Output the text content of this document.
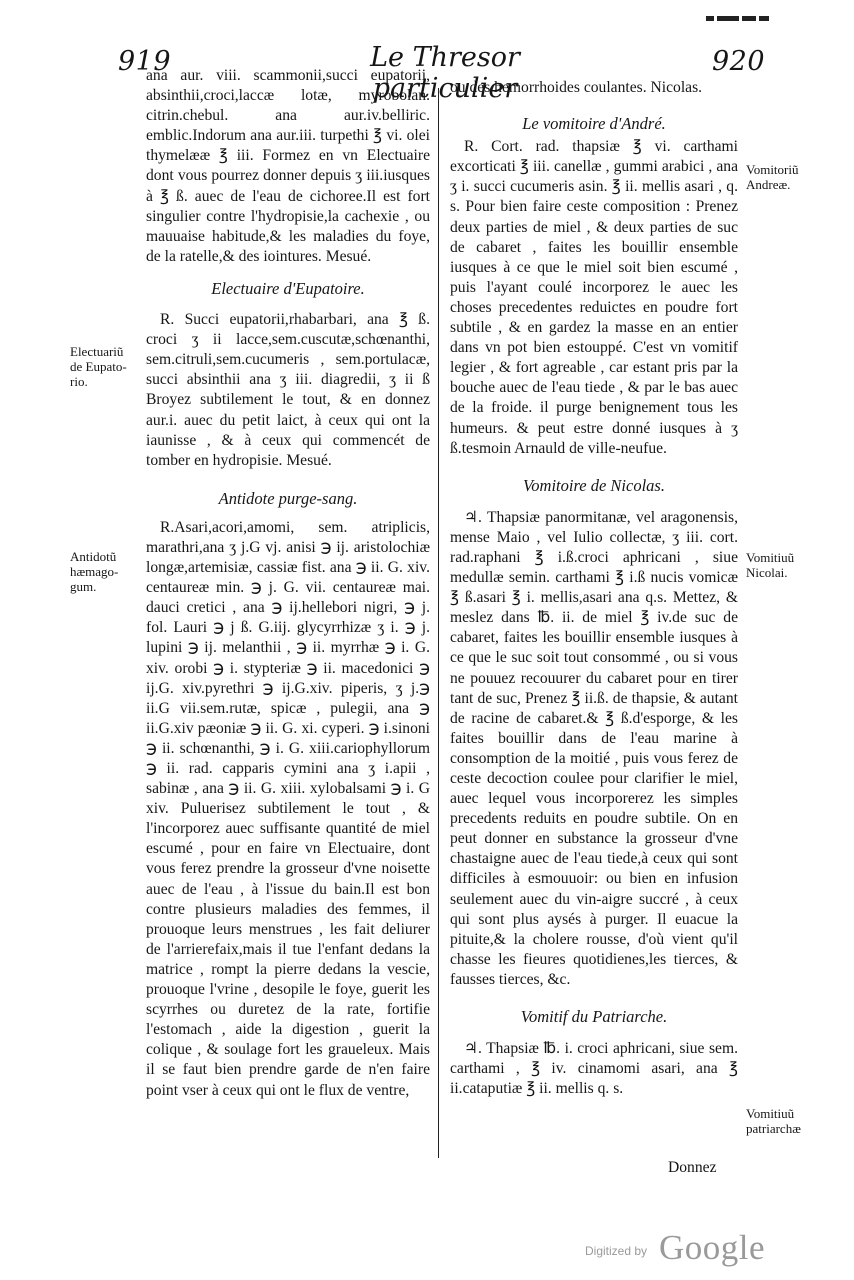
919	Le Thresor particulier
920

ana aur. viii. scammonii,succi eupatorii, absinthii,croci,laccæ lotæ, myrobolan. citrin.chebul. ana aur.iv.belliric. emblic.Indorum ana aur.iii. turpethi ℥ vi. olei thymelææ ℥ iii. Formez en vn Electuaire dont vous pourrez donner depuis ʒ iii.iusques à ℥ ß. auec de l'eau de cichoree.Il est fort singulier contre l'hydropisie,la cachexie , ou mauuaise habitude,& les maladies du foye, de la ratelle,& des iointures. Mesué.

Electuaire d'Eupatoire.

R. Succi eupatorii,rhabarbari, ana ℥ ß. croci ʒ ii lacce,sem.cuscutæ,schœnanthi, sem.citruli,sem.cucumeris , sem.portulacæ, succi absinthii ana ʒ iii. diagredii, ʒ ii ß Broyez subtilement le tout, & en donnez aur.i. auec du petit laict, à ceux qui ont la iaunisse , & à ceux qui commencét de tomber en hydropisie. Mesué.

Antidote purge-sang.

R.Asari,acori,amomi, sem. atriplicis, marathri,ana ʒ j.G vj. anisi ℈ ij. aristolochiæ longæ,artemisiæ, cassiæ fist. ana ℈ ii. G. xiv. centaureæ min. ℈ j. G. vii. centaureæ mai. dauci cretici , ana ℈ ij.hellebori nigri, ℈ j. fol. Lauri ℈ j ß. G.iij. glycyrrhizæ ʒ i. ℈ j. lupini ℈ ij. melanthii , ℈ ii. myrrhæ ℈ i. G. xiv. orobi ℈ i. stypteriæ ℈ ii. macedonici ℈ ij.G. xiv.pyrethri ℈ ij.G.xiv. piperis, ʒ j.℈ ii.G vii.sem.rutæ, spicæ , pulegii, ana ℈ ii.G.xiv pæoniæ ℈ ii. G. xi. cyperi. ℈ i.sinoni ℈ ii. schœnanthi, ℈ i. G. xiii.cariophyllorum ℈ ii. rad. capparis cymini ana ʒ i.apii , sabinæ , ana ℈ ii. G. xiii. xylobalsami ℈ i. G xiv. Puluerisez subtilement le tout , & l'incorporez auec suffisante quantité de miel escumé , pour en faire vn Electuaire, dont vous ferez prendre la grosseur d'vne noisette auec de l'eau , à l'issue du bain.Il est bon contre plusieurs maladies des femmes, il prouoque leurs menstrues , les fait deliurer de l'arrierefaix,mais il tue l'enfant dedans la matrice , rompt la pierre dedans la vescie, prouoque l'vrine , desopile le foye, guerit les scyrrhes ou duretez de la rate, fortifie l'estomach , aide la digestion , guerit la colique , & soulage fort les graueleux. Mais il se faut bien prendre garde de n'en faire point vser à ceux qui ont le flux de ventre,

Electuariũ
de Eupato-
rio.
Antidotũ
hæmago-
gum.

ou des hemorrhoides coulantes. Nicolas.

Le vomitoire d'André.

R. Cort. rad. thapsiæ ℥ vi. carthami excorticati ℥ iii. canellæ , gummi arabici , ana ʒ i. succi cucumeris asin. ℥ ii. mellis asari , q. s. Pour bien faire ceste composition : Prenez deux parties de miel , & deux parties de suc de cabaret , faites les bouillir ensemble iusques à ce que le miel soit bien escumé , puis l'ayant coulé incorporez le auec les choses precedentes reduictes en poudre fort subtile , & en gardez la masse en an entier dans vn pot bien estouppé. C'est vn vomitif legier , & fort agreable , car estant pris par la bouche auec de l'eau tiede , & par le bas auec de la froide. il purge benignement tous les humeurs. & peut estre donné iusques à ʒ ß.tesmoin Arnauld de ville-neufue.

Vomitoire de Nicolas.

♃. Thapsiæ panormitanæ, vel aragonensis, mense Maio , vel Iulio collectæ, ʒ iii. cort. rad.raphani ℥ i.ß.croci aphricani , siue medullæ semin. carthami ℥ i.ß nucis vomicæ ℥ ß.asari ℥ i. mellis,asari ana q.s. Mettez, & meslez dans ℔. ii. de miel ℥ iv.de suc de cabaret, faites les bouillir ensemble iusques à ce que le suc soit tout consommé , ou si vous ne pouuez recouurer du cabaret pour en tirer tant de suc, Prenez ℥ ii.ß. de thapsie, & autant de racine de cabaret.& ℥ ß.d'esporge, & les faites bouillir dans de l'eau marine à consomption de la moitié , puis vous ferez de ceste decoction coulee pour clarifier le miel, auec lequel vous incorporerez les simples precedents reduits en poudre subtile. On en peut donner en substance la grosseur d'vne chastaigne auec de l'eau tiede,à ceux qui sont difficiles à esmouuoir: ou bien en infusion seulement auec du vin-aigre succré , à ceux qui sont plus aysés à purger. Il euacue la pituite,& la cholere rousse, d'où vient qu'il chasse les fieures quotidienes,les tierces, & fausses tierces, &c.

Vomitif du Patriarche.

♃. Thapsiæ ℔. i. croci aphricani, siue sem. carthami , ℥ iv. cinamomi asari, ana ℥ ii.cataputiæ ℥ ii. mellis q. s.

Vomitoriũ
Andreæ.
Vomitiuũ
Nicolai.
Vomitiuũ
patriarchæ
Donnez
Digitized by Google
